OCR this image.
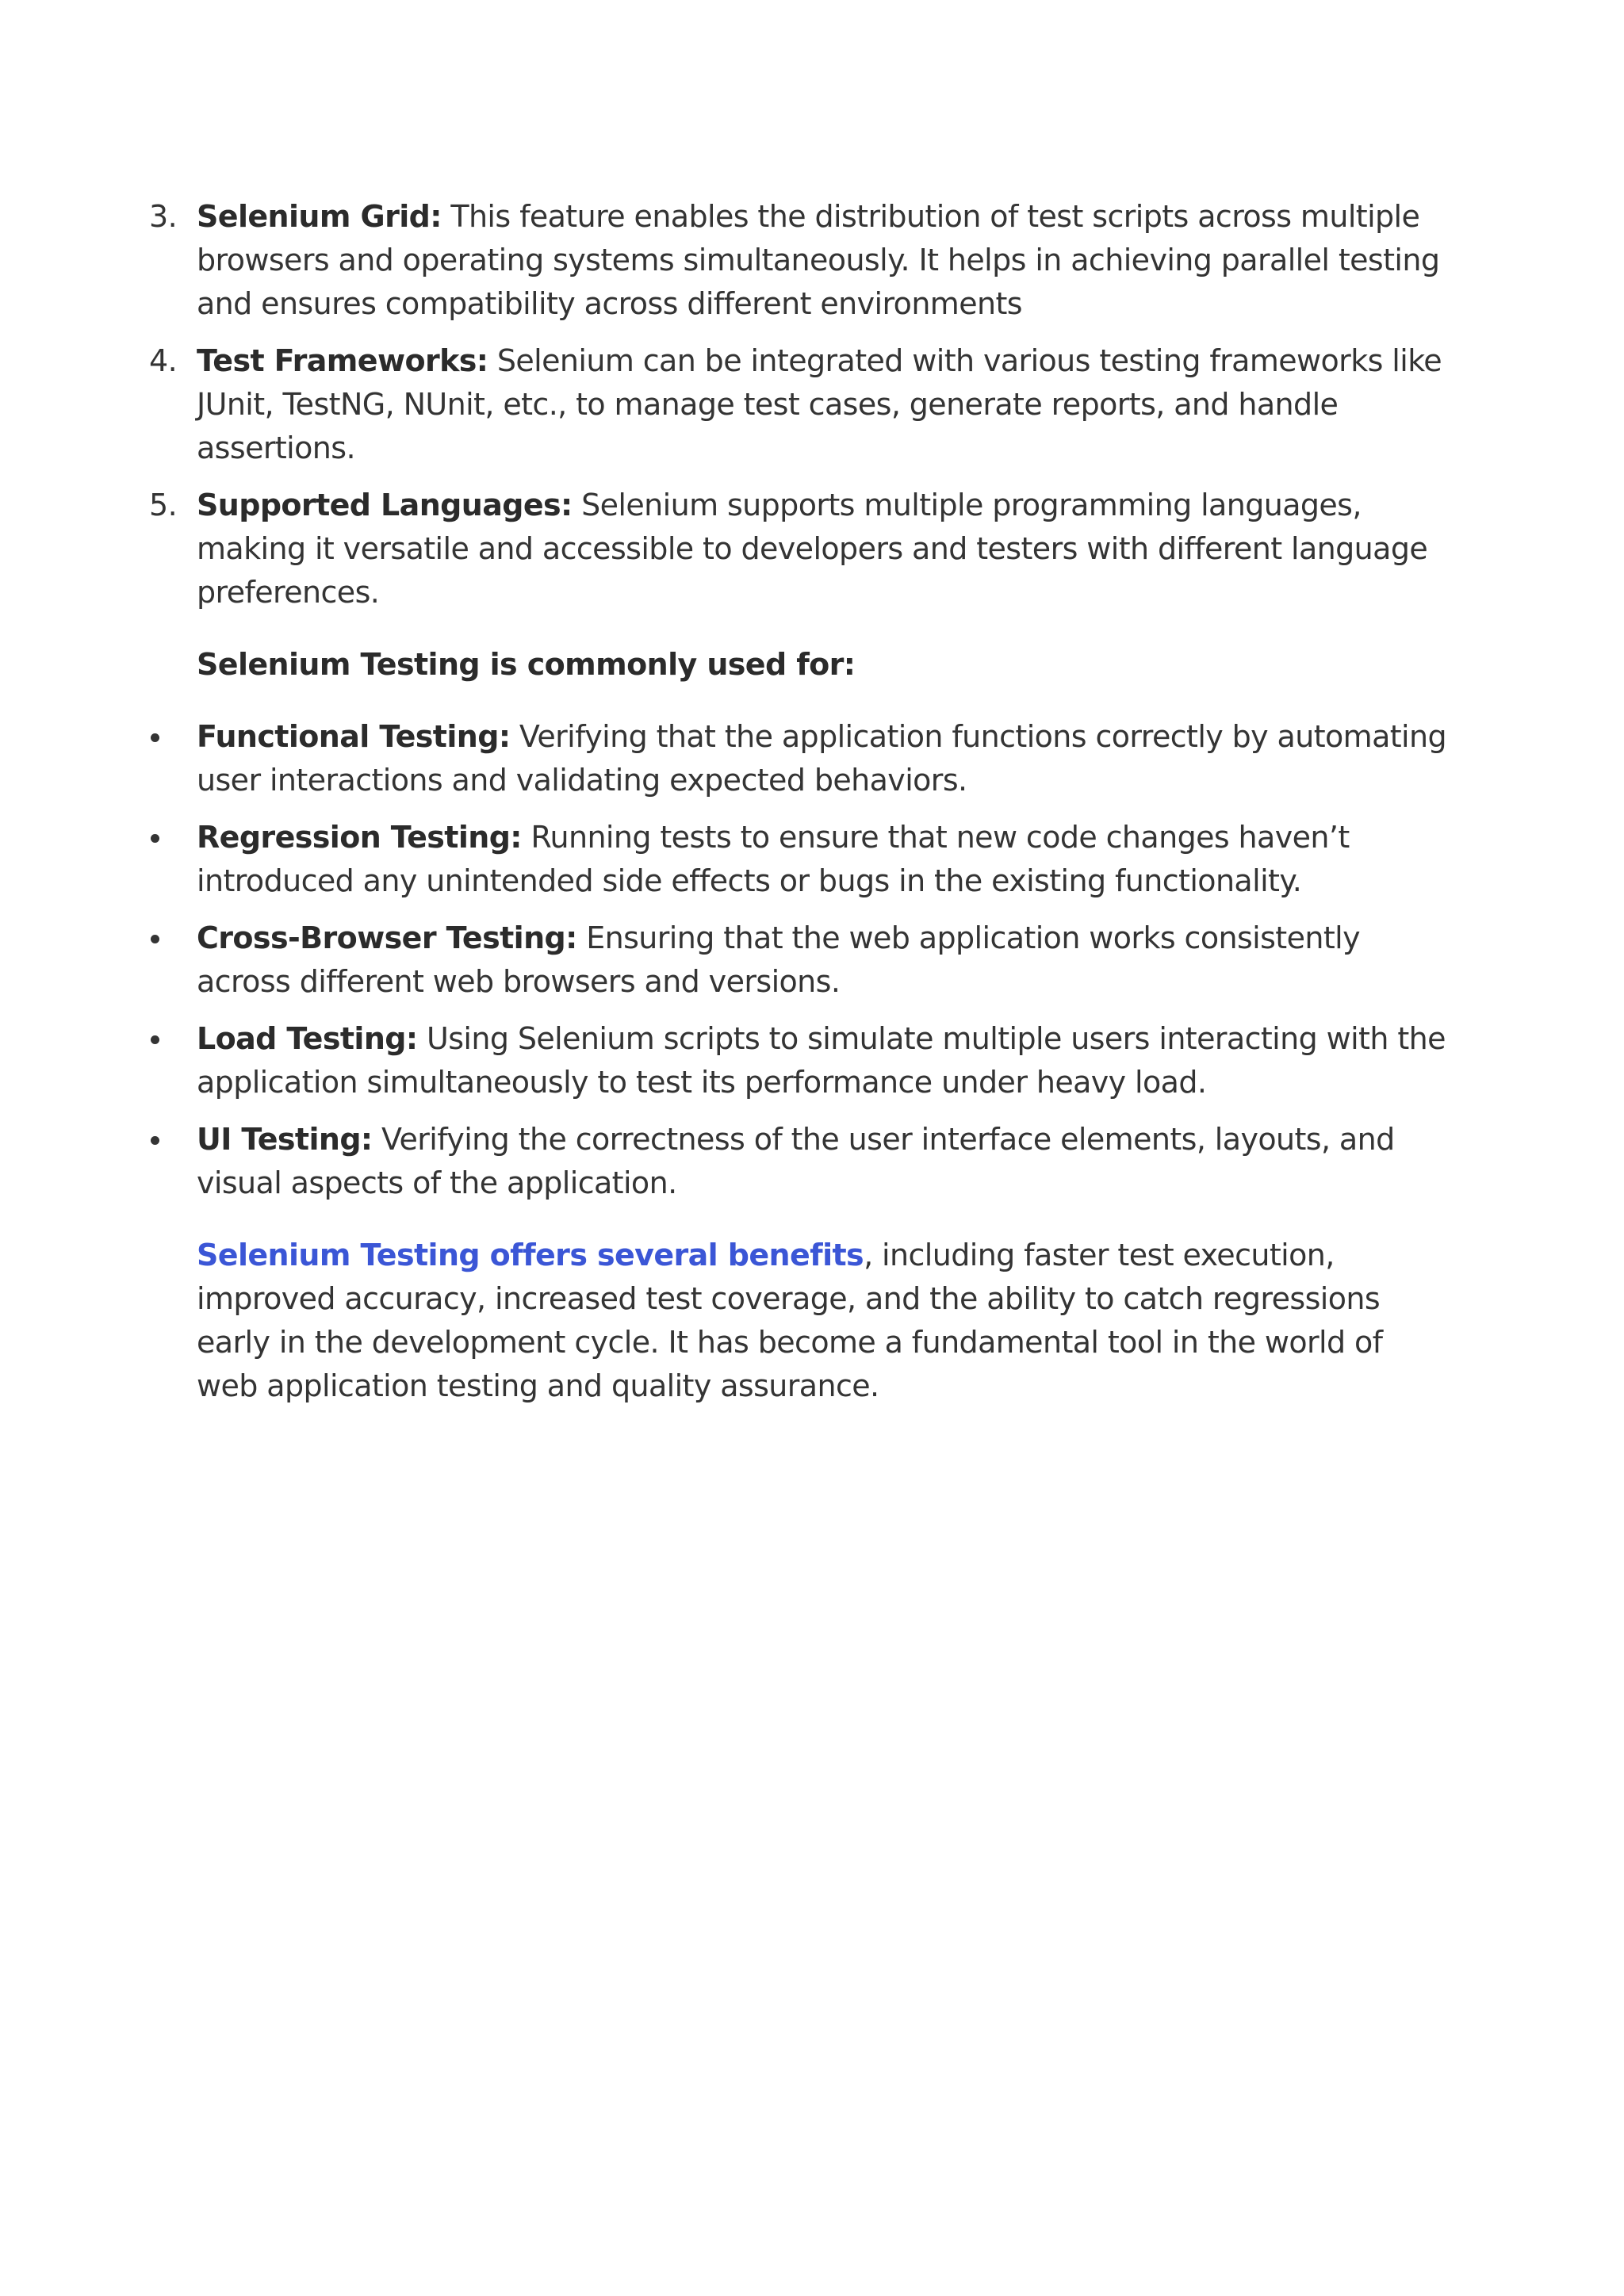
3. Selenium Grid: This feature enables the distribution of test scripts across multiple browsers and operating systems simultaneously. It helps in achieving parallel testing and ensures compatibility across different environments
4. Test Frameworks: Selenium can be integrated with various testing frameworks like JUnit, TestNG, NUnit, etc., to manage test cases, generate reports, and handle assertions.
5. Supported Languages: Selenium supports multiple programming languages, making it versatile and accessible to developers and testers with different language preferences.
Selenium Testing is commonly used for:
Functional Testing: Verifying that the application functions correctly by automating user interactions and validating expected behaviors.
Regression Testing: Running tests to ensure that new code changes haven’t introduced any unintended side effects or bugs in the existing functionality.
Cross-Browser Testing: Ensuring that the web application works consistently across different web browsers and versions.
Load Testing: Using Selenium scripts to simulate multiple users interacting with the application simultaneously to test its performance under heavy load.
UI Testing: Verifying the correctness of the user interface elements, layouts, and visual aspects of the application.

Selenium Testing offers several benefits, including faster test execution, improved accuracy, increased test coverage, and the ability to catch regressions early in the development cycle. It has become a fundamental tool in the world of web application testing and quality assurance.
